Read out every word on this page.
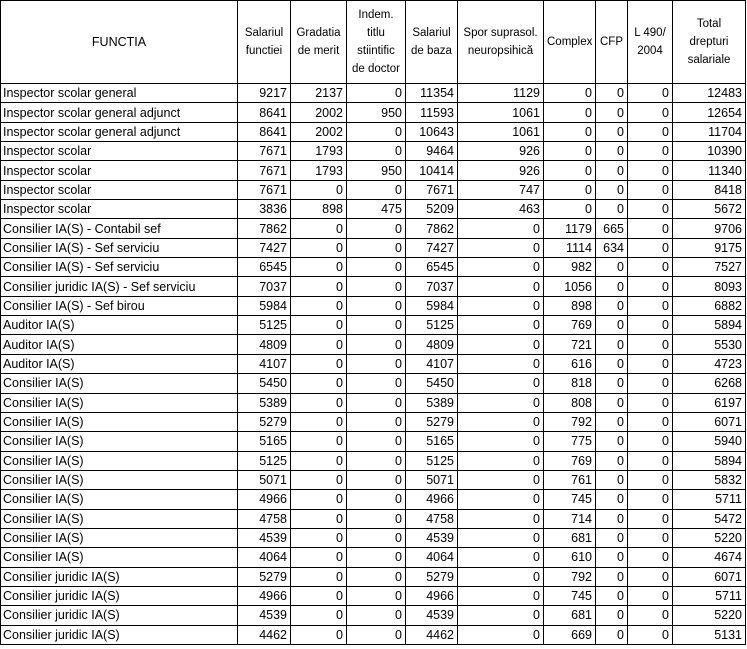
FUNCTIA	Salariul functiei	Gradatia de merit	Indem. titlu stiintific de doctor	Salariul de baza	Spor suprasol. neuropsihică	Complex	CFP	L 490/ 2004	Total drepturi salariale
Inspector scolar general	9217	2137	0	11354	1129	0	0	0	12483
Inspector scolar general adjunct	8641	2002	950	11593	1061	0	0	0	12654
Inspector scolar general adjunct	8641	2002	0	10643	1061	0	0	0	11704
Inspector scolar	7671	1793	0	9464	926	0	0	0	10390
Inspector scolar	7671	1793	950	10414	926	0	0	0	11340
Inspector scolar	7671	0	0	7671	747	0	0	0	8418
Inspector scolar	3836	898	475	5209	463	0	0	0	5672
Consilier IA(S) - Contabil sef	7862	0	0	7862	0	1179	665	0	9706
Consilier IA(S) - Sef serviciu	7427	0	0	7427	0	1114	634	0	9175
Consilier IA(S) - Sef serviciu	6545	0	0	6545	0	982	0	0	7527
Consilier juridic IA(S) - Sef serviciu	7037	0	0	7037	0	1056	0	0	8093
Consilier IA(S) - Sef birou	5984	0	0	5984	0	898	0	0	6882
Auditor IA(S)	5125	0	0	5125	0	769	0	0	5894
Auditor IA(S)	4809	0	0	4809	0	721	0	0	5530
Auditor IA(S)	4107	0	0	4107	0	616	0	0	4723
Consilier IA(S)	5450	0	0	5450	0	818	0	0	6268
Consilier IA(S)	5389	0	0	5389	0	808	0	0	6197
Consilier IA(S)	5279	0	0	5279	0	792	0	0	6071
Consilier IA(S)	5165	0	0	5165	0	775	0	0	5940
Consilier IA(S)	5125	0	0	5125	0	769	0	0	5894
Consilier IA(S)	5071	0	0	5071	0	761	0	0	5832
Consilier IA(S)	4966	0	0	4966	0	745	0	0	5711
Consilier IA(S)	4758	0	0	4758	0	714	0	0	5472
Consilier IA(S)	4539	0	0	4539	0	681	0	0	5220
Consilier IA(S)	4064	0	0	4064	0	610	0	0	4674
Consilier juridic IA(S)	5279	0	0	5279	0	792	0	0	6071
Consilier juridic IA(S)	4966	0	0	4966	0	745	0	0	5711
Consilier juridic IA(S)	4539	0	0	4539	0	681	0	0	5220
Consilier juridic IA(S)	4462	0	0	4462	0	669	0	0	5131
